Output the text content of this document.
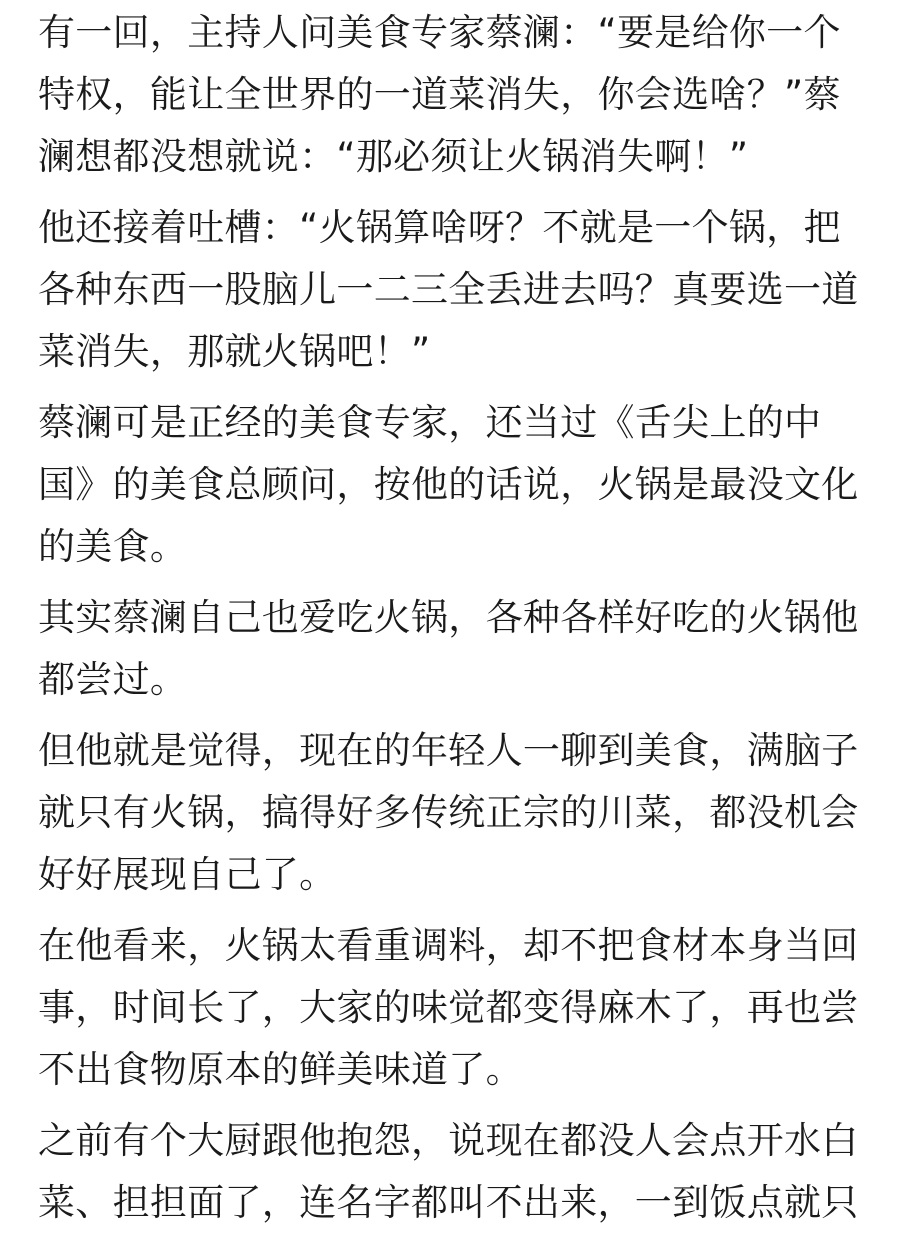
有一回，主持人问美食专家蔡澜：“要是给你一个
特权，能让全世界的一道菜消失，你会选啥？”蔡
澜想都没想就说：“那必须让火锅消失啊！”
他还接着吐槽：“火锅算啥呀？不就是一个锅，把
各种东西一股脑儿一二三全丢进去吗？真要选一道
菜消失，那就火锅吧！”
蔡澜可是正经的美食专家，还当过《舌尖上的中
国》的美食总顾问，按他的话说，火锅是最没文化
的美食。
其实蔡澜自己也爱吃火锅，各种各样好吃的火锅他
都尝过。
但他就是觉得，现在的年轻人一聊到美食，满脑子
就只有火锅，搞得好多传统正宗的川菜，都没机会
好好展现自己了。
在他看来，火锅太看重调料，却不把食材本身当回
事，时间长了，大家的味觉都变得麻木了，再也尝
不出食物原本的鲜美味道了。
之前有个大厨跟他抱怨，说现在都没人会点开水白
菜、担担面了，连名字都叫不出来，一到饭点就只
